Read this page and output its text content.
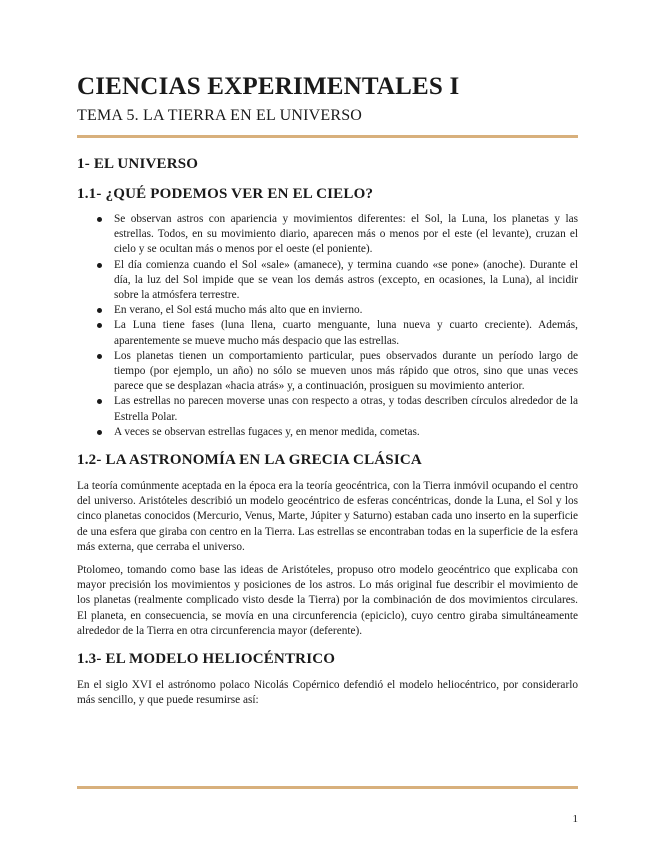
CIENCIAS EXPERIMENTALES I
TEMA 5. LA TIERRA EN EL UNIVERSO
1- EL UNIVERSO
1.1- ¿QUÉ PODEMOS VER EN EL CIELO?
Se observan astros con apariencia y movimientos diferentes: el Sol, la Luna, los planetas y las estrellas. Todos, en su movimiento diario, aparecen más o menos por el este (el levante), cruzan el cielo y se ocultan más o menos por el oeste (el poniente).
El día comienza cuando el Sol «sale» (amanece), y termina cuando «se pone» (anoche). Durante el día, la luz del Sol impide que se vean los demás astros (excepto, en ocasiones, la Luna), al incidir sobre la atmósfera terrestre.
En verano, el Sol está mucho más alto que en invierno.
La Luna tiene fases (luna llena, cuarto menguante, luna nueva y cuarto creciente). Además, aparentemente se mueve mucho más despacio que las estrellas.
Los planetas tienen un comportamiento particular, pues observados durante un período largo de tiempo (por ejemplo, un año) no sólo se mueven unos más rápido que otros, sino que unas veces parece que se desplazan «hacia atrás» y, a continuación, prosiguen su movimiento anterior.
Las estrellas no parecen moverse unas con respecto a otras, y todas describen círculos alrededor de la Estrella Polar.
A veces se observan estrellas fugaces y, en menor medida, cometas.
1.2- LA ASTRONOMÍA EN LA GRECIA CLÁSICA

La teoría comúnmente aceptada en la época era la teoría geocéntrica, con la Tierra inmóvil ocupando el centro del universo. Aristóteles describió un modelo geocéntrico de esferas concéntricas, donde la Luna, el Sol y los cinco planetas conocidos (Mercurio, Venus, Marte, Júpiter y Saturno) estaban cada uno inserto en la superficie de una esfera que giraba con centro en la Tierra. Las estrellas se encontraban todas en la superficie de la esfera más externa, que cerraba el universo.

Ptolomeo, tomando como base las ideas de Aristóteles, propuso otro modelo geocéntrico que explicaba con mayor precisión los movimientos y posiciones de los astros. Lo más original fue describir el movimiento de los planetas (realmente complicado visto desde la Tierra) por la combinación de dos movimientos circulares. El planeta, en consecuencia, se movía en una circunferencia (epiciclo), cuyo centro giraba simultáneamente alrededor de la Tierra en otra circunferencia mayor (deferente).

1.3- EL MODELO HELIOCÉNTRICO

En el siglo XVI el astrónomo polaco Nicolás Copérnico defendió el modelo heliocéntrico, por considerarlo más sencillo, y que puede resumirse así:

1
